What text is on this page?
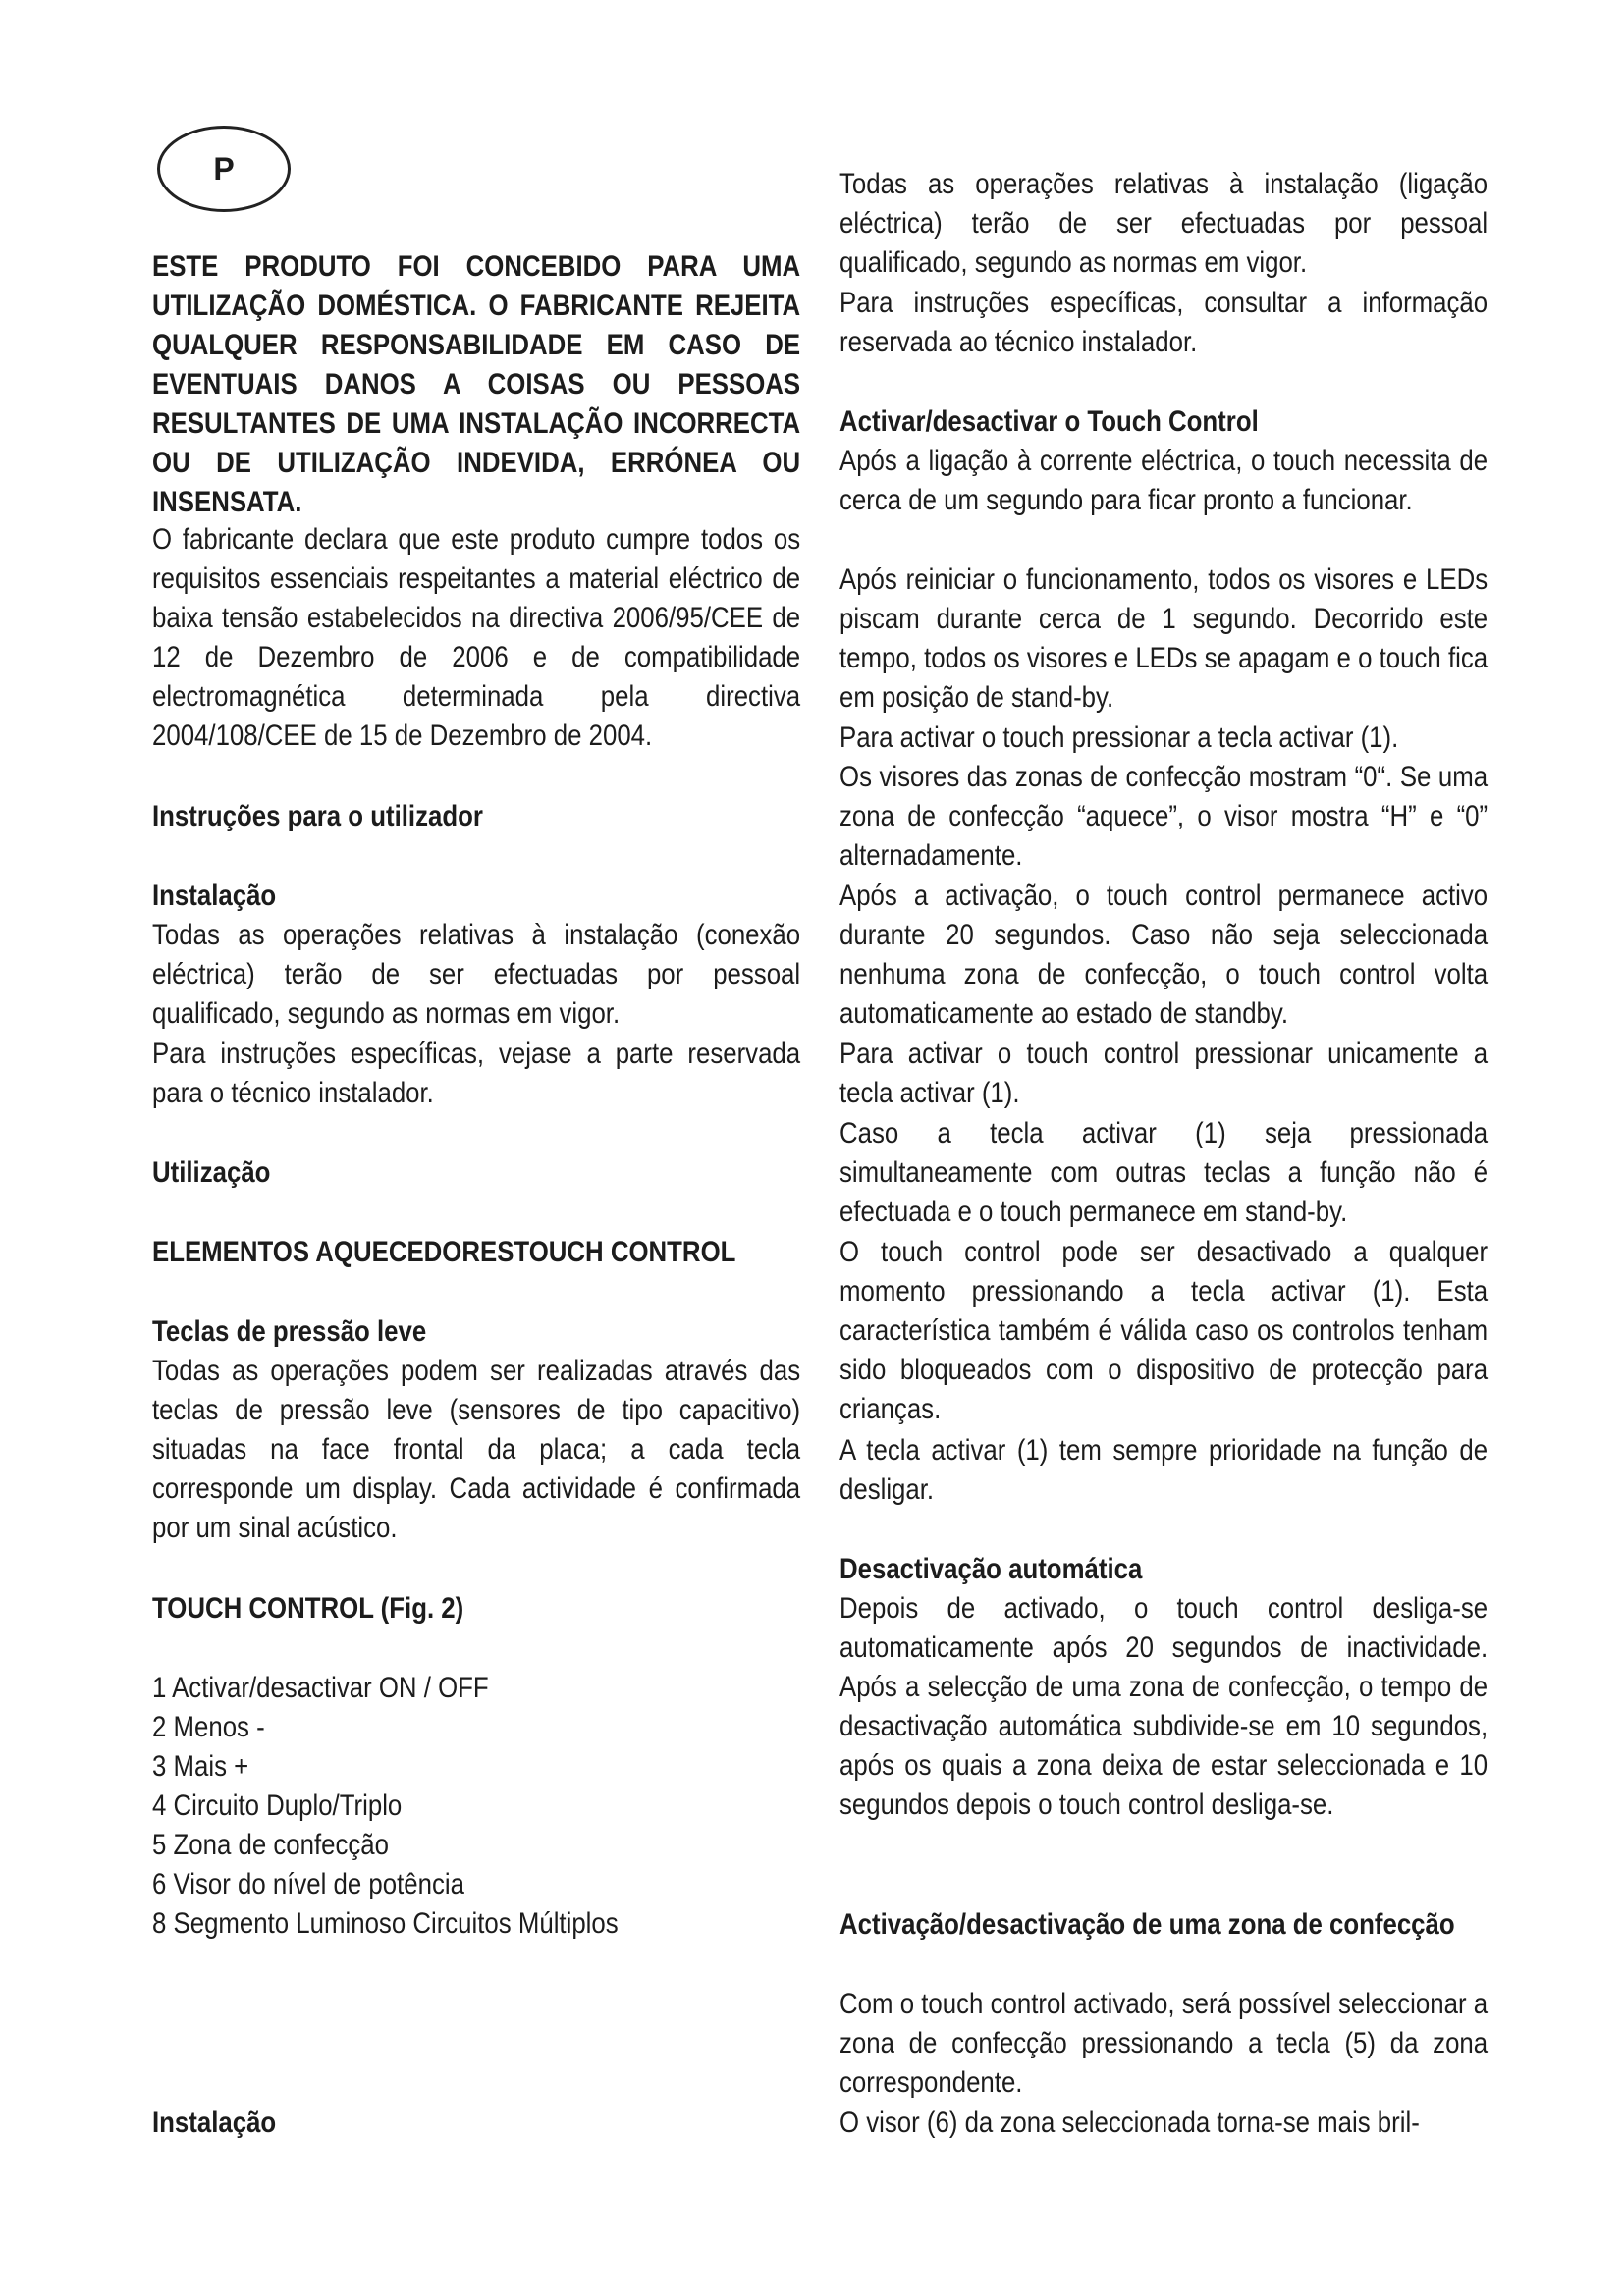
P

ESTE PRODUTO FOI CONCEBIDO PARA UMA UTILIZAÇÃO DOMÉSTICA. O FABRICANTE REJEITA QUALQUER RESPONSABILIDADE EM CASO DE EVENTUAIS DANOS A COISAS OU PESSOAS RESULTANTES DE UMA INSTALAÇÃO INCORRECTA OU DE UTILIZAÇÃO INDEVIDA, ERRÓNEA OU INSENSATA.

O fabricante declara que este produto cumpre todos os requisitos essenciais respeitantes a material eléctrico de baixa tensão estabelecidos na directiva 2006/95/CEE de 12 de Dezembro de 2006 e de compatibilidade electromagnética determinada pela directiva 2004/108/CEE de 15 de Dezembro de 2004.

Instruções para o utilizador

Instalação

Todas as operações relativas à instalação (conexão eléctrica) terão de ser efectuadas por pessoal qualificado, segundo as normas em vigor.

Para instruções específicas, vejase a parte reservada para o técnico instalador.

Utilização

ELEMENTOS AQUECEDORESTOUCH CONTROL

Teclas de pressão leve

Todas as operações podem ser realizadas através das teclas de pressão leve (sensores de tipo capacitivo) situadas na face frontal da placa; a cada tecla corresponde um display. Cada actividade é confirmada por um sinal acústico.

TOUCH CONTROL (Fig. 2)

1 Activar/desactivar ON / OFF

2 Menos -

3 Mais +

4 Circuito Duplo/Triplo

5 Zona de confecção

6 Visor do nível de potência

8 Segmento Luminoso Circuitos Múltiplos

Instalação

Todas as operações relativas à instalação (ligação eléctrica) terão de ser efectuadas por pessoal qualificado, segundo as normas em vigor.

Para instruções específicas, consultar a informação reservada ao técnico instalador.

Activar/desactivar o Touch Control

Após a ligação à corrente eléctrica, o touch necessita de cerca de um segundo para ficar pronto a funcionar.

Após reiniciar o funcionamento, todos os visores e LEDs piscam durante cerca de 1 segundo. Decorrido este tempo, todos os visores e LEDs se apagam e o touch fica em posição de stand-by.

Para activar o touch pressionar a tecla activar (1).

Os visores das zonas de confecção mostram “0“. Se uma zona de confecção “aquece”, o visor mostra “H” e “0” alternadamente.

Após a activação, o touch control permanece activo durante 20 segundos. Caso não seja seleccionada nenhuma zona de confecção, o touch control volta automaticamente ao estado de standby.

Para activar o touch control pressionar unicamente a tecla activar (1).

Caso a tecla activar (1) seja pressionada simultaneamente com outras teclas a função não é efectuada e o touch permanece em stand-by.

O touch control pode ser desactivado a qualquer momento pressionando a tecla activar (1). Esta característica também é válida caso os controlos tenham sido bloqueados com o dispositivo de protecção para crianças.

A tecla activar (1) tem sempre prioridade na função de desligar.

Desactivação automática

Depois de activado, o touch control desliga-se automaticamente após 20 segundos de inactividade. Após a selecção de uma zona de confecção, o tempo de desactivação automática subdivide-se em 10 segundos, após os quais a zona deixa de estar seleccionada e 10 segundos depois o touch control desliga-se.

Activação/desactivação de uma zona de confecção

Com o touch control activado, será possível seleccionar a zona de confecção pressionando a tecla (5) da zona correspondente.

O visor (6) da zona seleccionada torna-se mais bril-
